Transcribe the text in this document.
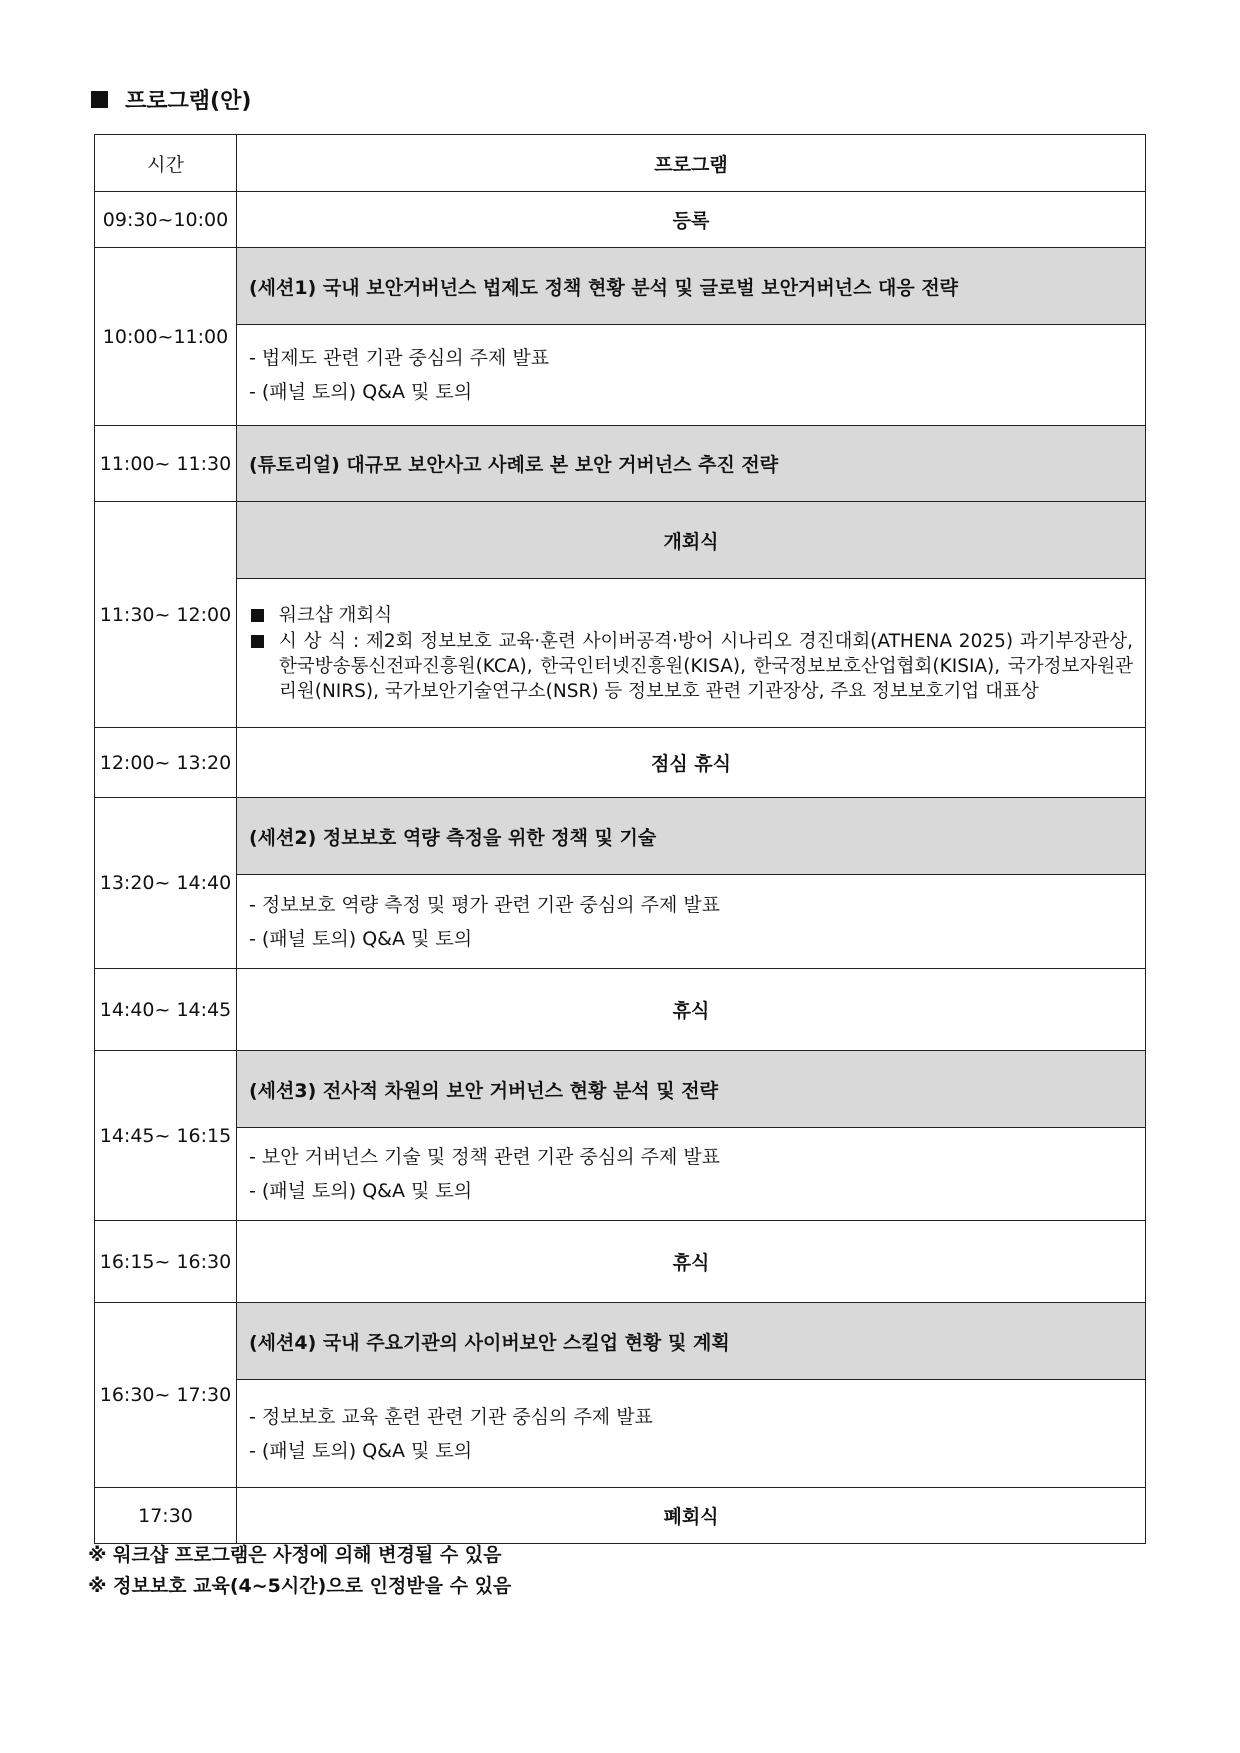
프로그램(안)
시간	프로그램
09:30~10:00	등록
10:00~11:00	(세션1) 국내 보안거버넌스 법제도 정책 현황 분석 및 글로벌 보안거버넌스 대응 전략

	- 법제도 관련 기관 중심의 주제 발표
- (패널 토의) Q&A 및 토의

11:00~ 11:30	(튜토리얼) 대규모 보안사고 사례로 본 보안 거버넌스 추진 전략
11:30~ 12:00	개회식

	워크샵 개회식
시 상 식 : 제2회 정보보호 교육·훈련 사이버공격·방어 시나리오 경진대회(ATHENA 2025) 과기부장관상, 한국방송통신전파진흥원(KCA), 한국인터넷진흥원(KISA), 한국정보보호산업협회(KISIA), 국가정보자원관리원(NIRS), 국가보안기술연구소(NSR) 등 정보보호 관련 기관장상, 주요 정보보호기업 대표상

12:00~ 13:20	점심 휴식
13:20~ 14:40	(세션2) 정보보호 역량 측정을 위한 정책 및 기술

	- 정보보호 역량 측정 및 평가 관련 기관 중심의 주제 발표
- (패널 토의) Q&A 및 토의

14:40~ 14:45	휴식
14:45~ 16:15	(세션3) 전사적 차원의 보안 거버넌스 현황 분석 및 전략

	- 보안 거버넌스 기술 및 정책 관련 기관 중심의 주제 발표
- (패널 토의) Q&A 및 토의

16:15~ 16:30	휴식
16:30~ 17:30	(세션4) 국내 주요기관의 사이버보안 스킬업 현황 및 계획

	- 정보보호 교육 훈련 관련 기관 중심의 주제 발표
- (패널 토의) Q&A 및 토의

17:30	폐회식
※ 워크샵 프로그램은 사정에 의해 변경될 수 있음
※ 정보보호 교육(4~5시간)으로 인정받을 수 있음
